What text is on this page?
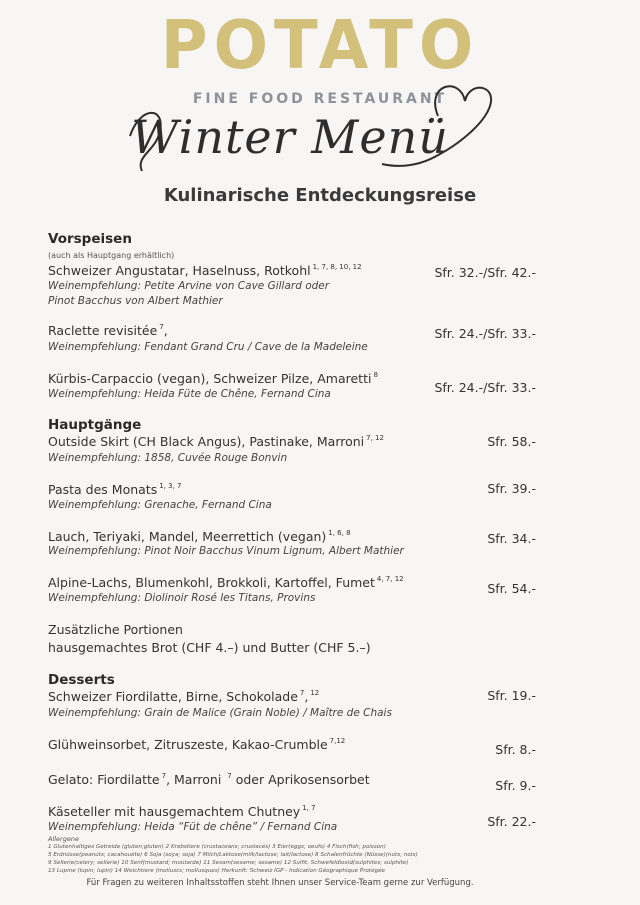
POTATO
FINE FOOD RESTAURANT
Winter Menü
Kulinarische Entdeckungsreise
Vorspeisen
(auch als Hauptgang erhältlich)
Schweizer Angustatar, Haselnuss, Rotkohl $^{1, 7, 8, 10, 12}$
Weinempfehlung: Petite Arvine von Cave Gillard oder
Pinot Bacchus von Albert Mathier
Sfr. 32.-/Sfr. 42.-
Raclette revisitée $^7$,
Weinempfehlung: Fendant Grand Cru / Cave de la Madeleine
Sfr. 24.-/Sfr. 33.-
Kürbis-Carpaccio (vegan), Schweizer Pilze, Amaretti $^8$
Weinempfehlung: Heida Füte de Chêne, Fernand Cina	Sfr. 24.-/Sfr. 33.-
Hauptgänge
Outside Skirt (CH Black Angus), Pastinake, Marroni $^{7, 12}$
Weinempfehlung: 1858, Cuvée Rouge Bonvin
Sfr. 58.-
Pasta des Monats $^{1, 3, 7}$
Weinempfehlung: Grenache, Fernand Cina
Sfr. 39.-
Lauch, Teriyaki, Mandel, Meerrettich (vegan) $^{1, 6, 8}$
Weinempfehlung: Pinot Noir Bacchus Vinum Lignum, Albert Mathier
Sfr. 34.-
Alpine-Lachs, Blumenkohl, Brokkoli, Kartoffel, Fumet $^{4, 7, 12}$
Weinempfehlung: Diolinoir Rosé les Titans, Provins
Sfr. 54.-
Zusätzliche Portionen
hausgemachtes Brot (CHF 4.–) und Butter (CHF 5.–)
Desserts
Schweizer Fiordilatte, Birne, Schokolade $^7$, $^{12}$
Weinempfehlung: Grain de Malice (Grain Noble) / Maître de Chais
Sfr. 19.-
Glühweinsorbet, Zitruszeste, Kakao-Crumble $^{7,12}$
Sfr. 8.-
Gelato: Fiordilatte $^7$, Marroni $^7$ oder Aprikosensorbet	Sfr. 9.-
Käseteller mit hausgemachtem Chutney $^{1, 7}$
Weinempfehlung: Heida “Füt de chêne” / Fernand Cina	Sfr. 22.-
Allergene
1 Glutenhaltiges Getreide (gluten;gluten) 2 Krebstiere (crustaceans; crustacés) 3 Eier(eggs; oeufs) 4 Fisch(fish; poisson)
5 Erdnüsse(peanuts; cacahouète) 6 Soja (soya; soja) 7 Milch/Laktose(milk/lactose; lait/lactose) 8 Schalenfrüchte (Nüsse)(nuts; noix)
9 Sellerie(celery; sellerie) 10 Senf(mustard; moutarde) 11 Sesam(sesame; sesame) 12 Sulfit, Schwefeldioxid(sulphites; sulphite)
13 Lupine (lupin; lupin) 14 Weichtiere (molluscs; mollusques) Herkunft: Schweiz IGP - Indication Géographique Protégée
Für Fragen zu weiteren Inhaltsstoffen steht Ihnen unser Service-Team gerne zur Verfügung.
